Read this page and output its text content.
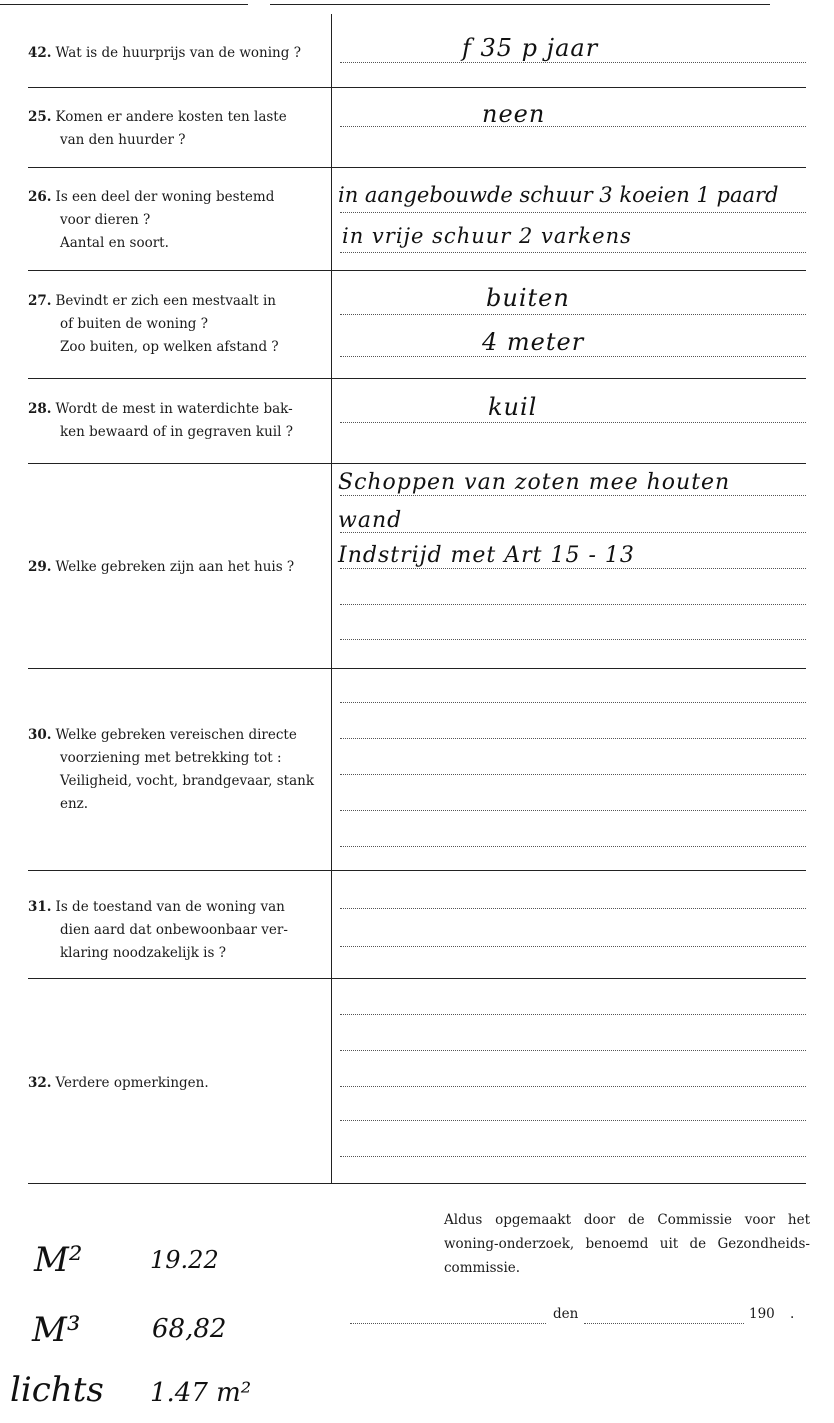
42. Wat is de huurprijs van de woning ?	f 35 p jaar
25. Komen er andere kosten ten laste
van den huurder ?
neen
26. Is een deel der woning bestemd
voor dieren ?
Aantal en soort.
in aangebouwde schuur 3 koeien 1 paard
in vrije schuur 2 varkens
27. Bevindt er zich een mestvaalt in
of buiten de woning ?
Zoo buiten, op welken afstand ?
buiten
4 meter
28. Wordt de mest in waterdichte bak-
ken bewaard of in gegraven kuil ?
kuil
29. Welke gebreken zijn aan het huis ?
Schoppen van zoten mee houten
wand
Indstrijd met Art 15 - 13
30. Welke gebreken vereischen directe
voorziening met betrekking tot :
Veiligheid, vocht, brandgevaar, stank enz.
31. Is de toestand van de woning van
dien aard dat onbewoonbaar ver-
klaring noodzakelijk is ?
32. Verdere opmerkingen.
Aldus opgemaakt door de Commissie voor het woning-onderzoek, benoemd uit de Gezondheids-commissie.
den	190 .
M²	19.22
M³	68,82
lichts 1.47 m²
